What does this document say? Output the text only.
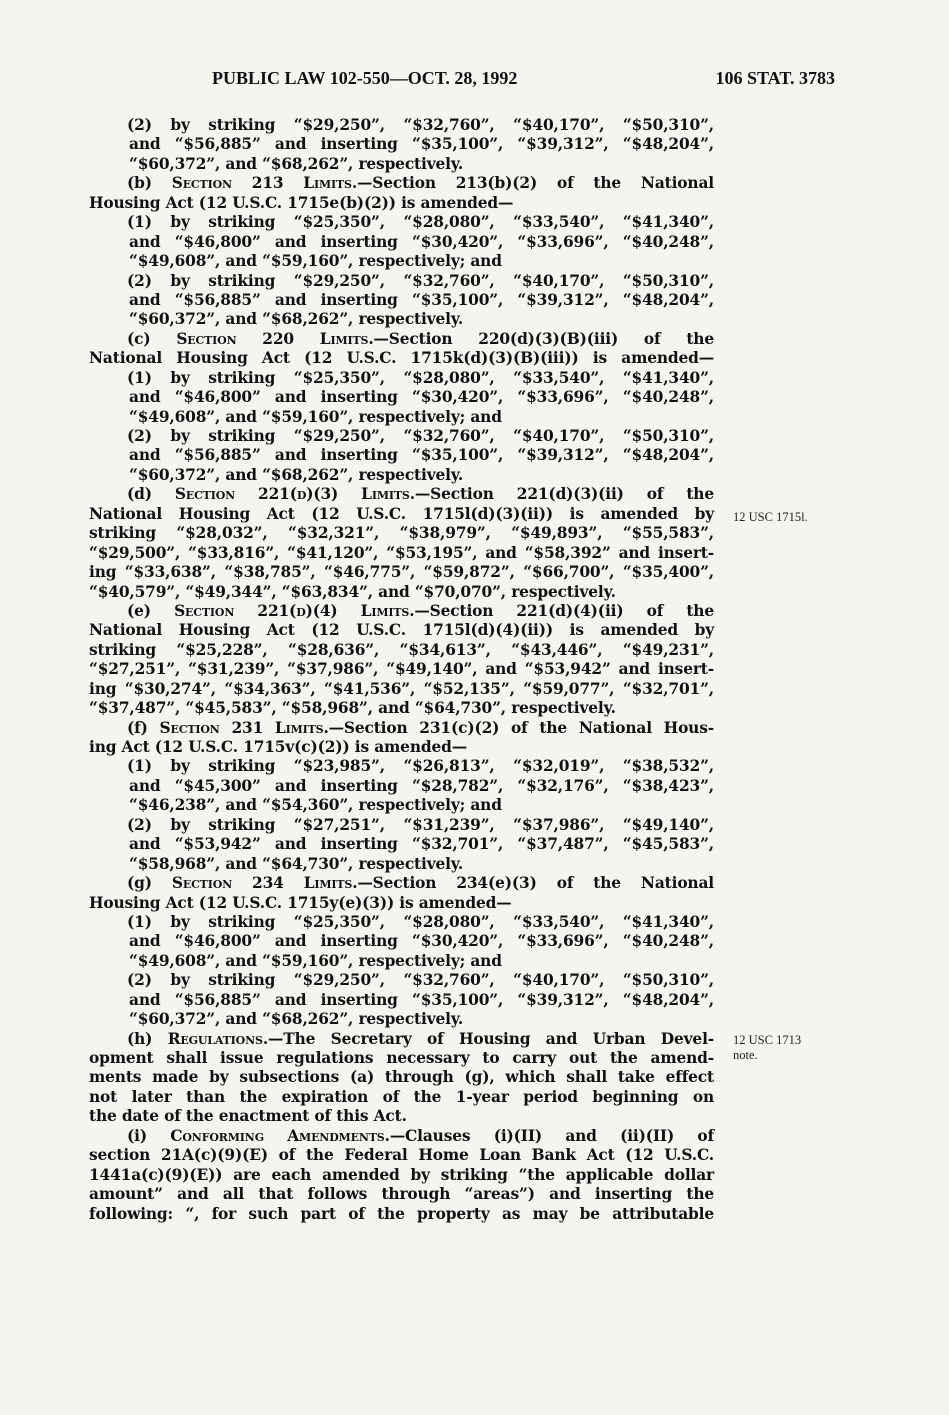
PUBLIC LAW 102-550—OCT. 28, 1992	106 STAT. 3783
(2) by striking “$29,250”, “$32,760”, “$40,170”, “$50,310”,
and “$56,885” and inserting “$35,100”, “$39,312”, “$48,204”,
“$60,372”, and “$68,262”, respectively.
(b) Section 213 Limits.—Section 213(b)(2) of the National
Housing Act (12 U.S.C. 1715e(b)(2)) is amended—
(1) by striking “$25,350”, “$28,080”, “$33,540”, “$41,340”,
and “$46,800” and inserting “$30,420”, “$33,696”, “$40,248”,
“$49,608”, and “$59,160”, respectively; and
(2) by striking “$29,250”, “$32,760”, “$40,170”, “$50,310”,
and “$56,885” and inserting “$35,100”, “$39,312”, “$48,204”,
“$60,372”, and “$68,262”, respectively.
(c) Section 220 Limits.—Section 220(d)(3)(B)(iii) of the
National Housing Act (12 U.S.C. 1715k(d)(3)(B)(iii)) is amended—
(1) by striking “$25,350”, “$28,080”, “$33,540”, “$41,340”,
and “$46,800” and inserting “$30,420”, “$33,696”, “$40,248”,
“$49,608”, and “$59,160”, respectively; and
(2) by striking “$29,250”, “$32,760”, “$40,170”, “$50,310”,
and “$56,885” and inserting “$35,100”, “$39,312”, “$48,204”,
“$60,372”, and “$68,262”, respectively.
(d) Section 221(d)(3) Limits.—Section 221(d)(3)(ii) of the
National Housing Act (12 U.S.C. 1715l(d)(3)(ii)) is amended by
striking “$28,032”, “$32,321”, “$38,979”, “$49,893”, “$55,583”,
“$29,500”, “$33,816”, “$41,120”, “$53,195”, and “$58,392” and insert-
ing “$33,638”, “$38,785”, “$46,775”, “$59,872”, “$66,700”, “$35,400”,
“$40,579”, “$49,344”, “$63,834”, and “$70,070”, respectively.
(e) Section 221(d)(4) Limits.—Section 221(d)(4)(ii) of the
National Housing Act (12 U.S.C. 1715l(d)(4)(ii)) is amended by
striking “$25,228”, “$28,636”, “$34,613”, “$43,446”, “$49,231”,
“$27,251”, “$31,239”, “$37,986”, “$49,140”, and “$53,942” and insert-
ing “$30,274”, “$34,363”, “$41,536”, “$52,135”, “$59,077”, “$32,701”,
“$37,487”, “$45,583”, “$58,968”, and “$64,730”, respectively.
(f) Section 231 Limits.—Section 231(c)(2) of the National Hous-
ing Act (12 U.S.C. 1715v(c)(2)) is amended—
(1) by striking “$23,985”, “$26,813”, “$32,019”, “$38,532”,
and “$45,300” and inserting “$28,782”, “$32,176”, “$38,423”,
“$46,238”, and “$54,360”, respectively; and
(2) by striking “$27,251”, “$31,239”, “$37,986”, “$49,140”,
and “$53,942” and inserting “$32,701”, “$37,487”, “$45,583”,
“$58,968”, and “$64,730”, respectively.
(g) Section 234 Limits.—Section 234(e)(3) of the National
Housing Act (12 U.S.C. 1715y(e)(3)) is amended—
(1) by striking “$25,350”, “$28,080”, “$33,540”, “$41,340”,
and “$46,800” and inserting “$30,420”, “$33,696”, “$40,248”,
“$49,608”, and “$59,160”, respectively; and
(2) by striking “$29,250”, “$32,760”, “$40,170”, “$50,310”,
and “$56,885” and inserting “$35,100”, “$39,312”, “$48,204”,
“$60,372”, and “$68,262”, respectively.
(h) Regulations.—The Secretary of Housing and Urban Devel-
opment shall issue regulations necessary to carry out the amend-
ments made by subsections (a) through (g), which shall take effect
not later than the expiration of the 1-year period beginning on
the date of the enactment of this Act.
(i) Conforming Amendments.—Clauses (i)(II) and (ii)(II) of
section 21A(c)(9)(E) of the Federal Home Loan Bank Act (12 U.S.C.
1441a(c)(9)(E)) are each amended by striking “the applicable dollar
amount” and all that follows through “areas”) and inserting the
following: “, for such part of the property as may be attributable
12 USC 1715l.
12 USC 1713
note.
